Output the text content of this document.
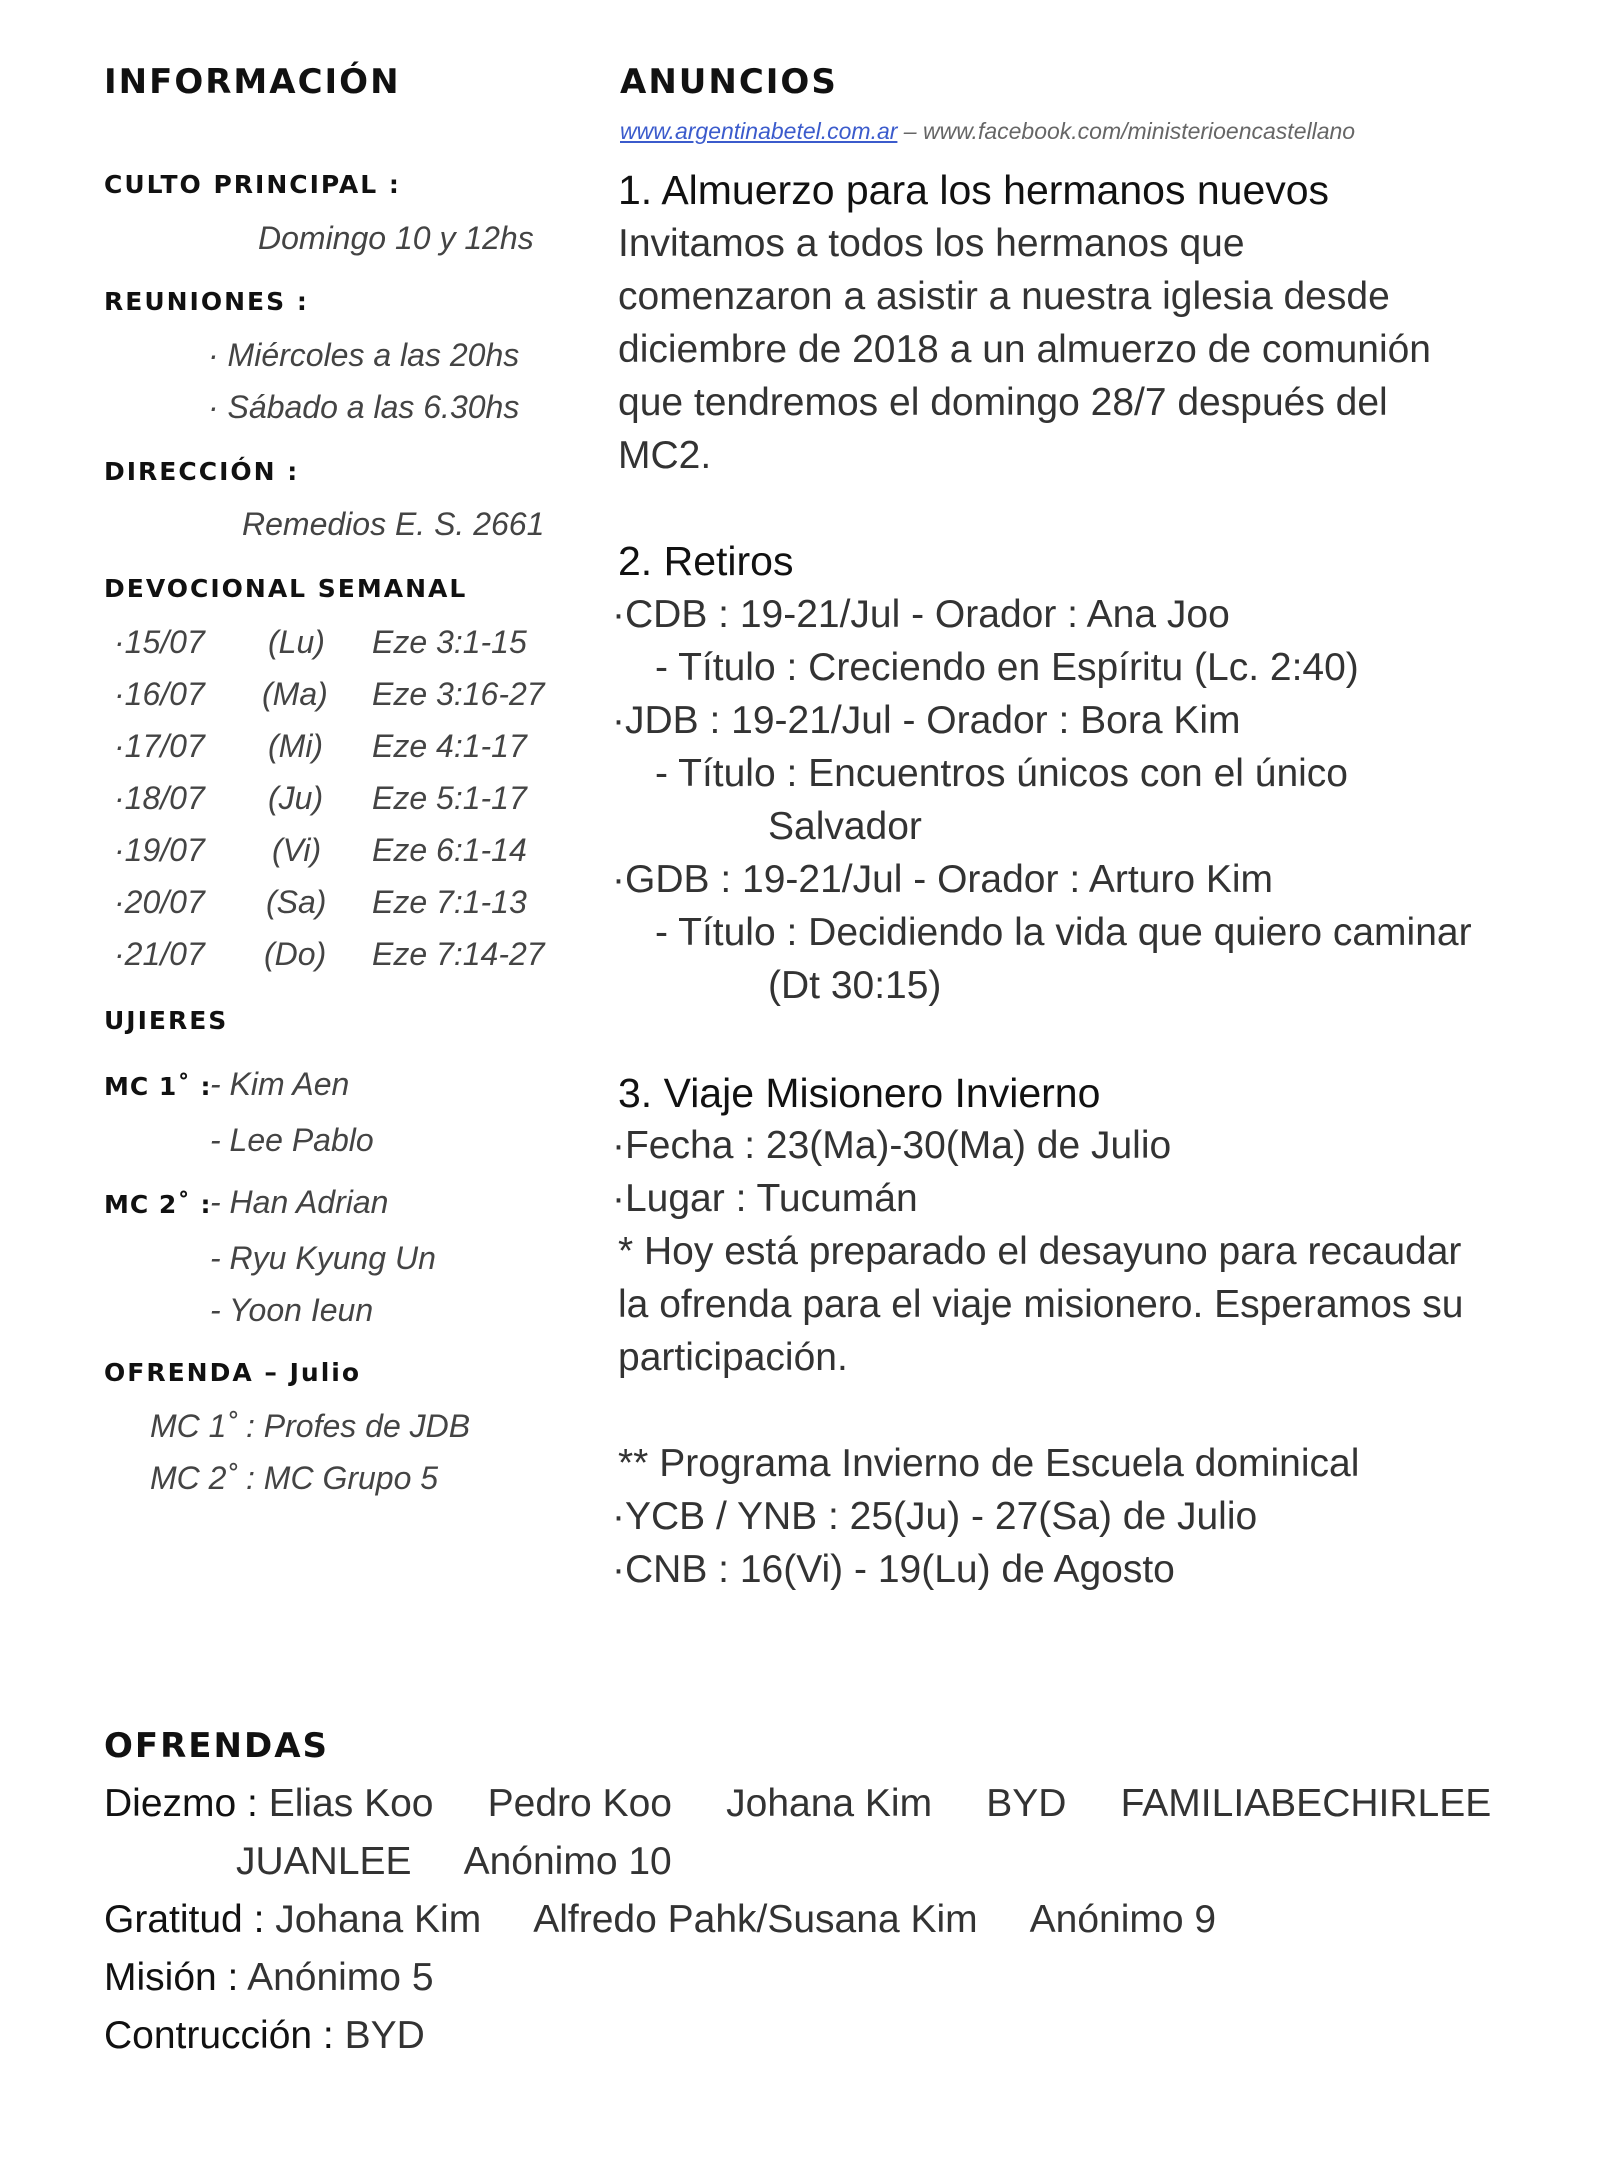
INFORMACIÓN
CULTO PRINCIPAL :
Domingo 10 y 12hs
REUNIONES :
· Miércoles a las 20hs
· Sábado a las 6.30hs
DIRECCIÓN :
Remedios E. S. 2661
DEVOCIONAL SEMANAL
·15/07 (Lu) Eze 3:1-15
·16/07 (Ma) Eze 3:16-27
·17/07 (Mi) Eze 4:1-17
·18/07 (Ju) Eze 5:1-17
·19/07 (Vi) Eze 6:1-14
·20/07 (Sa) Eze 7:1-13
·21/07 (Do) Eze 7:14-27
UJIERES
MC 1˚ :
- Kim Aen
- Lee Pablo
MC 2˚ :
- Han Adrian
- Ryu Kyung Un
- Yoon Ieun
OFRENDA – Julio
MC 1˚ : Profes de JDB
MC 2˚ : MC Grupo 5
ANUNCIOS
www.argentinabetel.com.ar – www.facebook.com/ministerioencastellano
1. Almuerzo para los hermanos nuevos
Invitamos a todos los hermanos que
comenzaron a asistir a nuestra iglesia desde
diciembre de 2018 a un almuerzo de comunión
que tendremos el domingo 28/7 después del
MC2.
2. Retiros
·CDB : 19-21/Jul - Orador : Ana Joo
- Título : Creciendo en Espíritu (Lc. 2:40)
·JDB : 19-21/Jul - Orador : Bora Kim
- Título : Encuentros únicos con el único
Salvador
·GDB : 19-21/Jul - Orador : Arturo Kim
- Título : Decidiendo la vida que quiero caminar
(Dt 30:15)
3. Viaje Misionero Invierno
·Fecha : 23(Ma)-30(Ma) de Julio
·Lugar : Tucumán
* Hoy está preparado el desayuno para recaudar
la ofrenda para el viaje misionero. Esperamos su
participación.
** Programa Invierno de Escuela dominical
·YCB / YNB : 25(Ju) - 27(Sa) de Julio
·CNB : 16(Vi) - 19(Lu) de Agosto
OFRENDAS
Diezmo : Elias Koo     Pedro Koo     Johana Kim     BYD     FAMILIABECHIRLEE
JUANLEE     Anónimo 10
Gratitud : Johana Kim     Alfredo Pahk/Susana Kim     Anónimo 9
Misión : Anónimo 5
Contrucción : BYD
